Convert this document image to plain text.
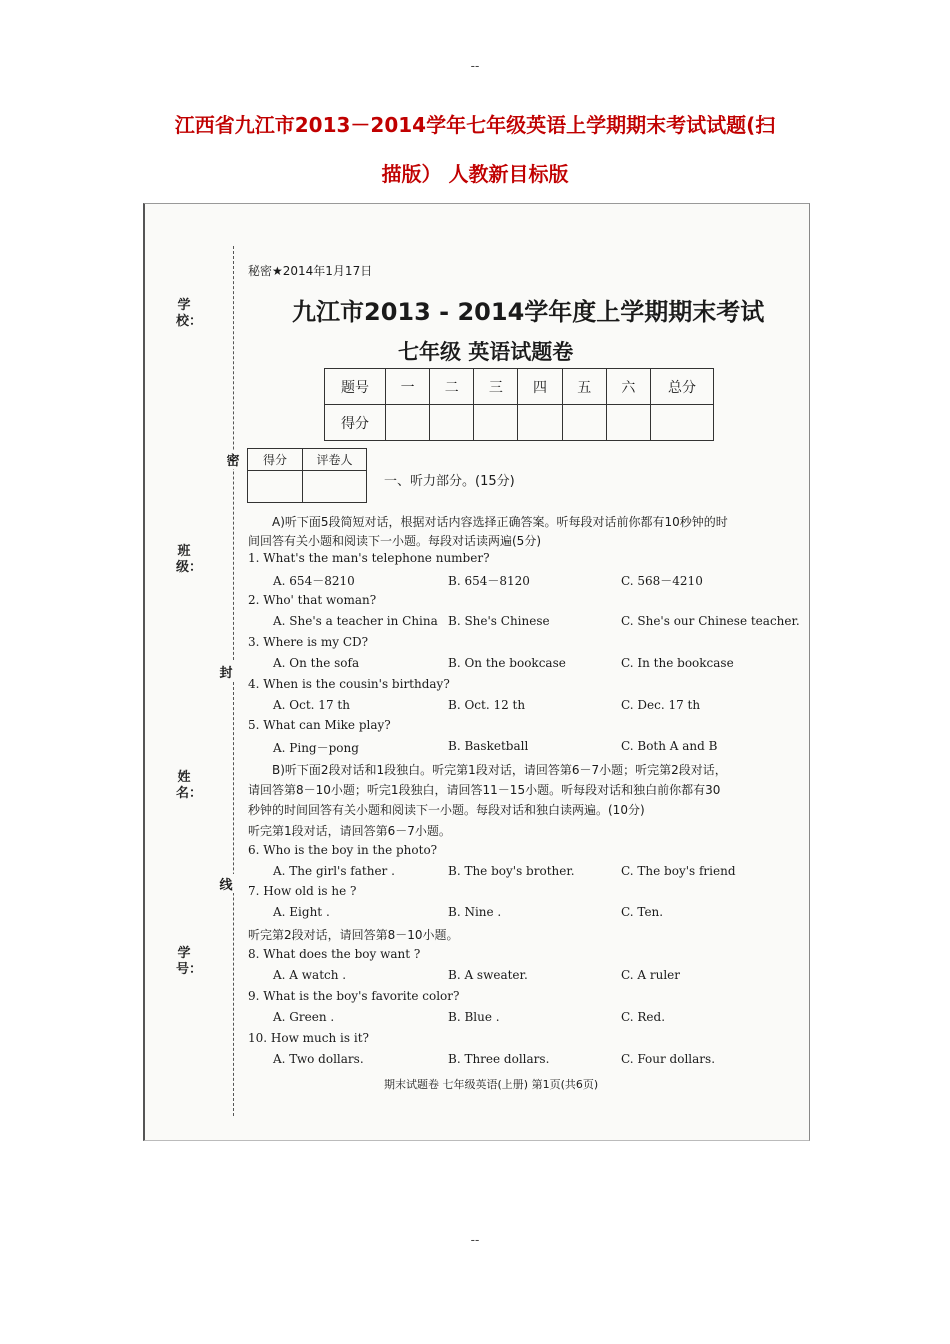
--
--
江西省九江市2013－2014学年七年级英语上学期期末考试试题(扫
描版） 人教新目标版
密
封
线
学校：
班级：
姓名：
学号：
秘密★2014年1月17日
九江市2013 - 2014学年度上学期期末考试
七年级 英语试题卷
题号	一	二	三	四	五	六	总分
得分							
得分	评卷人

一、听力部分。(15分)
A)听下面5段简短对话，根据对话内容选择正确答案。听每段对话前你都有10秒钟的时
间回答有关小题和阅读下一小题。每段对话读两遍(5分)
1. What's the man's telephone number?
A. 654－8210	B. 654－8120	C. 568－4210
2. Who' that woman?
A. She's a teacher in China B. She's Chinese	C. She's our Chinese teacher.
3. Where is my CD?
A. On the sofa	B. On the bookcase	C. In the bookcase
4. When is the cousin's birthday?
A. Oct. 17 th	B. Oct. 12 th	C. Dec. 17 th
5. What can Mike play?
A. Ping－pong	B. Basketball	C. Both A and B
B)听下面2段对话和1段独白。听完第1段对话，请回答第6－7小题；听完第2段对话，
请回答第8－10小题；听完1段独白，请回答11－15小题。听每段对话和独白前你都有30
秒钟的时间回答有关小题和阅读下一小题。每段对话和独白读两遍。(10分)
听完第1段对话，请回答第6－7小题。
6. Who is the boy in the photo?
A. The girl's father .	B. The boy's brother.	C. The boy's friend
7. How old is he ?
A. Eight .	B. Nine .	C. Ten.
听完第2段对话，请回答第8－10小题。
8. What does the boy want ?
A. A watch .	B. A sweater.	C. A ruler
9. What is the boy's favorite color?
A. Green .	B. Blue .	C. Red.
10. How much is it?
A. Two dollars.	B. Three dollars.	C. Four dollars.
期末试题卷 七年级英语(上册) 第1页(共6页)
